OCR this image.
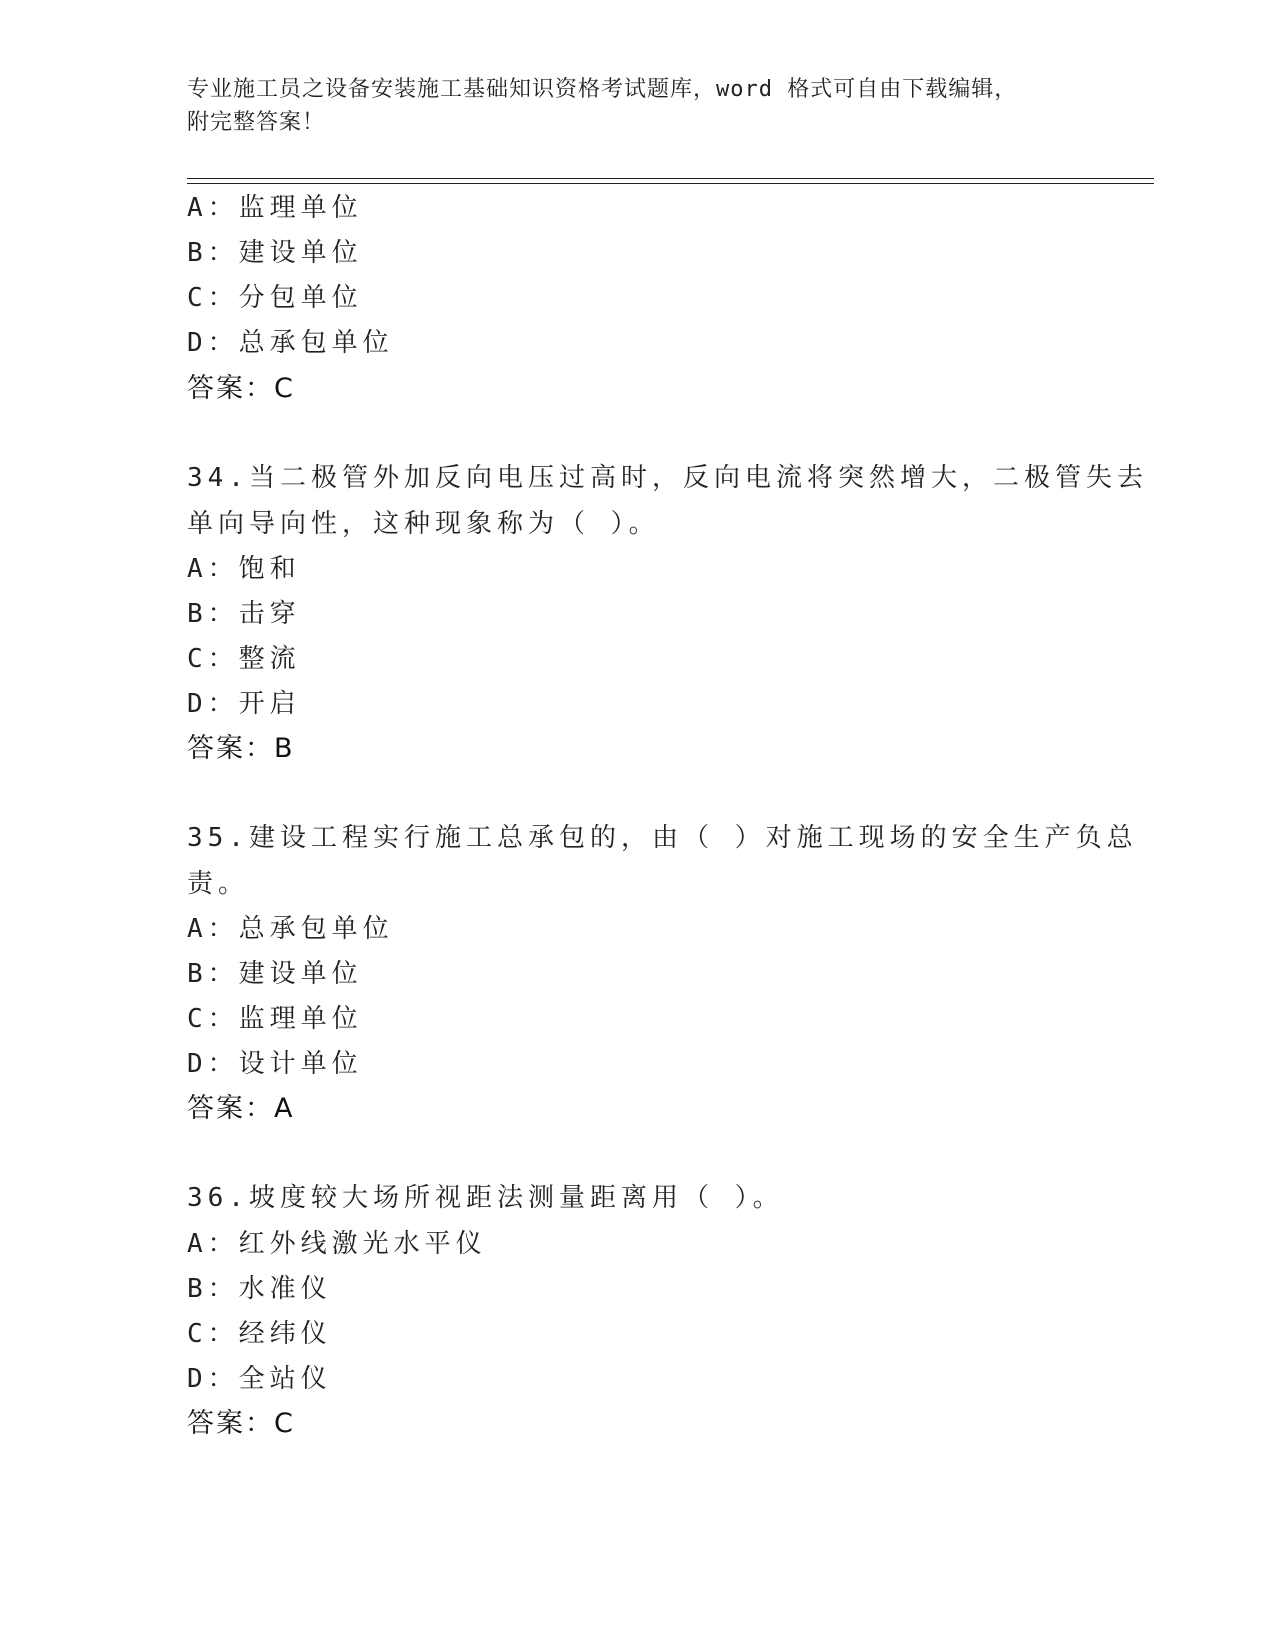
专业施工员之设备安装施工基础知识资格考试题库，word 格式可自由下载编辑，
附完整答案！
A：监理单位
B：建设单位
C：分包单位
D：总承包单位
答案：C
34.当二极管外加反向电压过高时，反向电流将突然增大，二极管失去
单向导向性，这种现象称为（ ）。
A：饱和
B：击穿
C：整流
D：开启
答案：B
35.建设工程实行施工总承包的，由（ ）对施工现场的安全生产负总
责。
A：总承包单位
B：建设单位
C：监理单位
D：设计单位
答案：A
36.坡度较大场所视距法测量距离用（ ）。
A：红外线激光水平仪
B：水准仪
C：经纬仪
D：全站仪
答案：C
